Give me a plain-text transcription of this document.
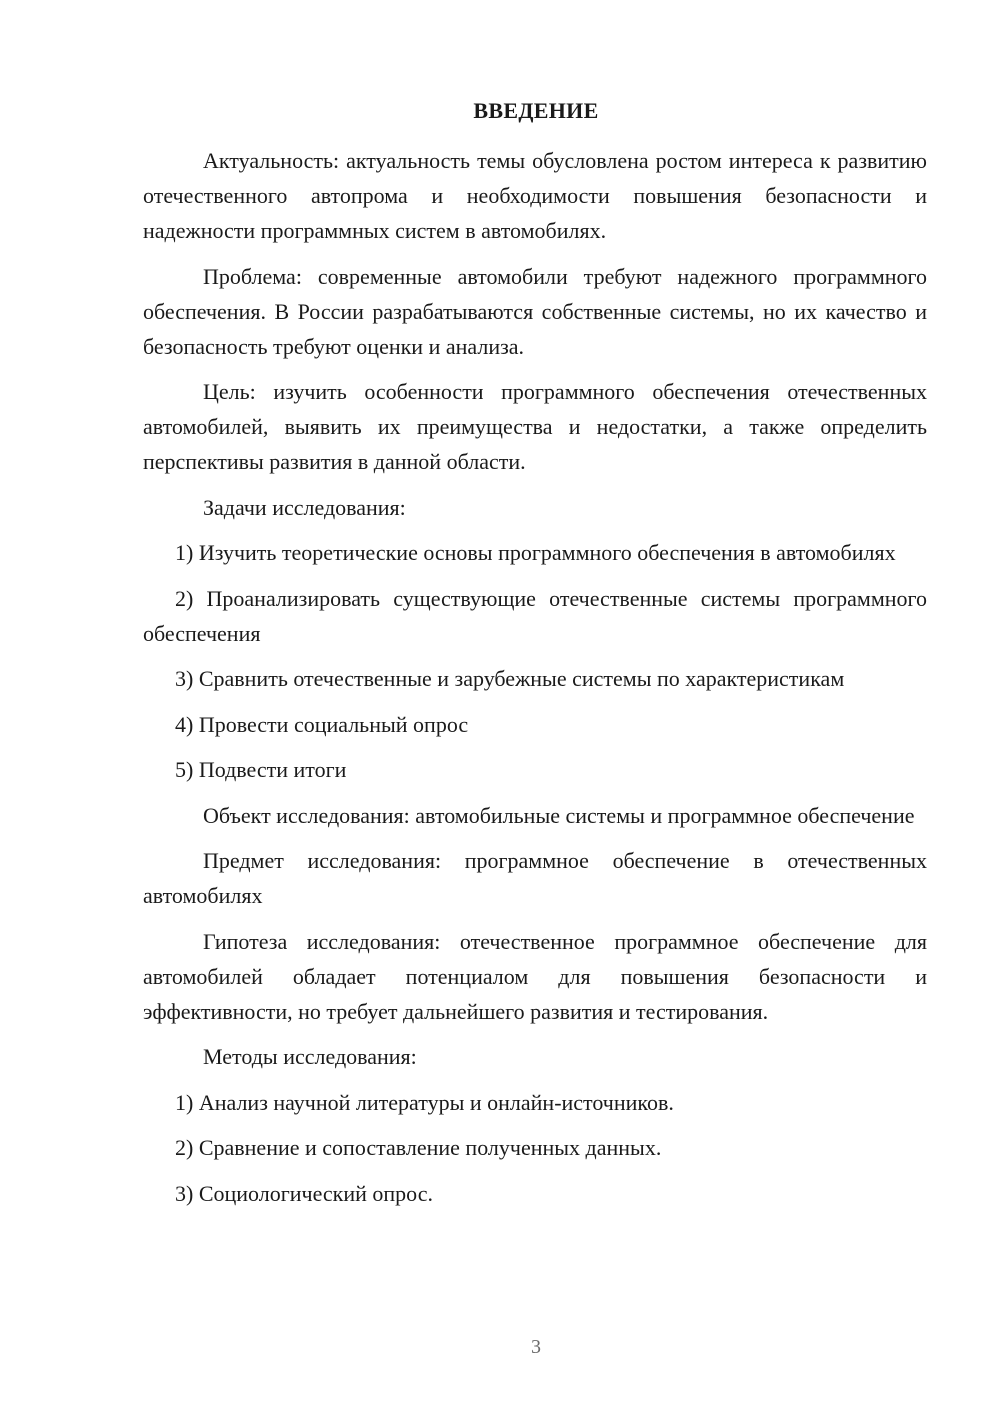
ВВЕДЕНИЕ

Актуальность: актуальность темы обусловлена ростом интереса к развитию отечественного автопрома и необходимости повышения безопасности и надежности программных систем в автомобилях.

Проблема: современные автомобили требуют надежного программного обеспечения. В России разрабатываются собственные системы, но их качество и безопасность требуют оценки и анализа.

Цель: изучить особенности программного обеспечения отечественных автомобилей, выявить их преимущества и недостатки, а также определить перспективы развития в данной области.

Задачи исследования:

1) Изучить теоретические основы программного обеспечения в автомобилях

2) Проанализировать существующие отечественные системы программного обеспечения

3) Сравнить отечественные и зарубежные системы по характеристикам

4) Провести социальный опрос

5) Подвести итоги

Объект исследования: автомобильные системы и программное обеспечение

Предмет исследования: программное обеспечение в отечественных автомобилях

Гипотеза исследования: отечественное программное обеспечение для автомобилей обладает потенциалом для повышения безопасности и эффективности, но требует дальнейшего развития и тестирования.

Методы исследования:

1) Анализ научной литературы и онлайн-источников.

2) Сравнение и сопоставление полученных данных.

3) Социологический опрос.

3
